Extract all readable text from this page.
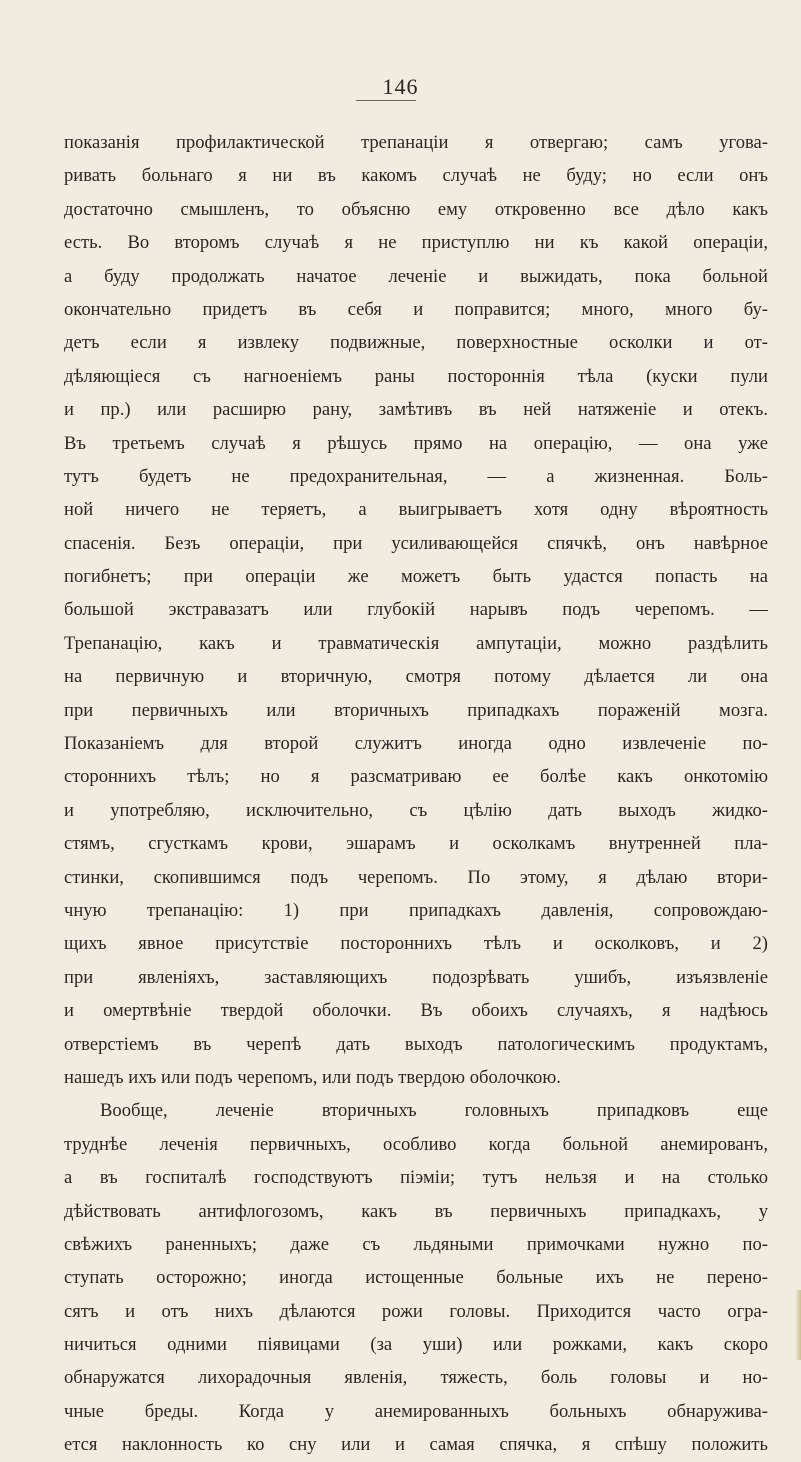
146
показанія профилактической трепанаціи я отвергаю; самъ угова-
ривать больнаго я ни въ какомъ случаѣ не буду; но если онъ
достаточно смышленъ, то объясню ему откровенно все дѣло какъ
есть. Во второмъ случаѣ я не приступлю ни къ какой операціи,
а буду продолжать начатое леченіе и выжидать, пока больной
окончательно придетъ въ себя и поправится; много, много бу-
детъ если я извлеку подвижные, поверхностные осколки и от-
дѣляющіеся съ нагноеніемъ раны постороннія тѣла (куски пули
и пр.) или расширю рану, замѣтивъ въ ней натяженіе и отекъ.
Въ третьемъ случаѣ я рѣшусь прямо на операцію, — она уже
тутъ будетъ не предохранительная, — а жизненная. Боль-
ной ничего не теряетъ, а выигрываетъ хотя одну вѣроятность
спасенія. Безъ операціи, при усиливающейся спячкѣ, онъ навѣрное
погибнетъ; при операціи же можетъ быть удастся попасть на
большой экстравазатъ или глубокій нарывъ подъ черепомъ. —
Трепанацію, какъ и травматическія ампутаціи, можно раздѣлить
на первичную и вторичную, смотря потому дѣлается ли она
при первичныхъ или вторичныхъ припадкахъ пораженій мозга.
Показаніемъ для второй служитъ иногда одно извлеченіе по-
стороннихъ тѣлъ; но я разсматриваю ее болѣе какъ онкотомію
и употребляю, исключительно, съ цѣлію дать выходъ жидко-
стямъ, сгусткамъ крови, эшарамъ и осколкамъ внутренней пла-
стинки, скопившимся подъ черепомъ. По этому, я дѣлаю втори-
чную трепанацію: 1) при припадкахъ давленія, сопровождаю-
щихъ явное присутствіе постороннихъ тѣлъ и осколковъ, и 2)
при явленіяхъ, заставляющихъ подозрѣвать ушибъ, изъязвленіе
и омертвѣніе твердой оболочки. Въ обоихъ случаяхъ, я надѣюсь
отверстіемъ въ черепѣ дать выходъ патологическимъ продуктамъ,
нашедъ ихъ или подъ черепомъ, или подъ твердою оболочкою.
Вообще, леченіе вторичныхъ головныхъ припадковъ еще
труднѣе леченія первичныхъ, особливо когда больной анемированъ,
а въ госпиталѣ господствуютъ піэміи; тутъ нельзя и на столько
дѣйствовать антифлогозомъ, какъ въ первичныхъ припадкахъ, у
свѣжихъ раненныхъ; даже съ льдяными примочками нужно по-
ступать осторожно; иногда истощенные больные ихъ не перено-
сятъ и отъ нихъ дѣлаются рожи головы. Приходится часто огра-
ничиться одними піявицами (за уши) или рожками, какъ скоро
обнаружатся лихорадочныя явленія, тяжесть, боль головы и но-
чные бреды. Когда у анемированныхъ больныхъ обнаружива-
ется наклонность ко сну или и самая спячка, я спѣшу положить
